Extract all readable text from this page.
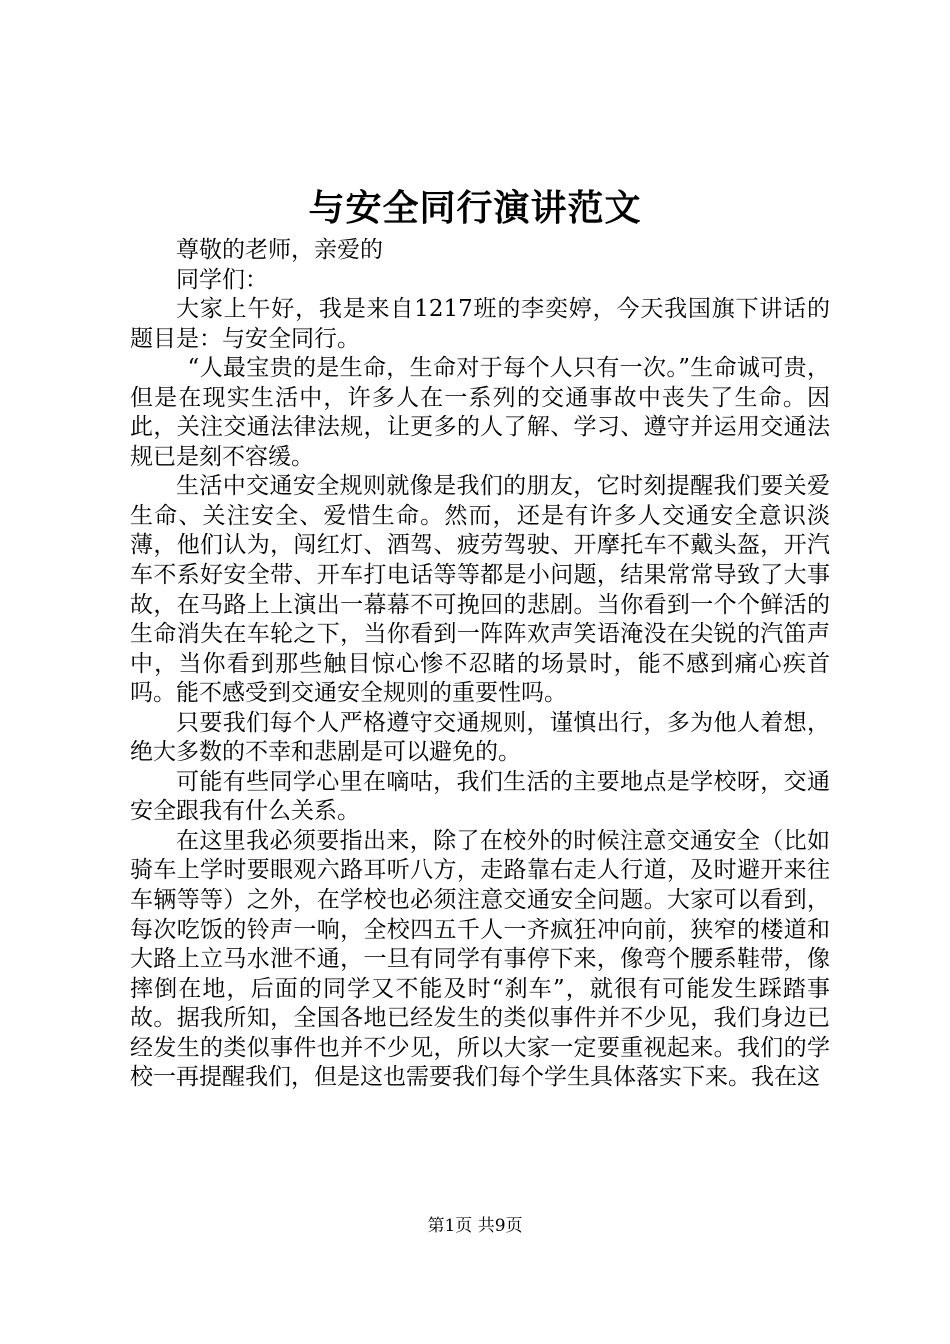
与安全同行演讲范文

尊敬的老师，亲爱的

同学们：

大家上午好，我是来自1217班的李奕婷，今天我国旗下讲话的题目是：与安全同行。

“人最宝贵的是生命，生命对于每个人只有一次。”生命诚可贵，但是在现实生活中，许多人在一系列的交通事故中丧失了生命。因此，关注交通法律法规，让更多的人了解、学习、遵守并运用交通法规已是刻不容缓。

生活中交通安全规则就像是我们的朋友，它时刻提醒我们要关爱生命、关注安全、爱惜生命。然而，还是有许多人交通安全意识淡薄，他们认为，闯红灯、酒驾、疲劳驾驶、开摩托车不戴头盔，开汽车不系好安全带、开车打电话等等都是小问题，结果常常导致了大事故，在马路上上演出一幕幕不可挽回的悲剧。当你看到一个个鲜活的生命消失在车轮之下，当你看到一阵阵欢声笑语淹没在尖锐的汽笛声中，当你看到那些触目惊心惨不忍睹的场景时，能不感到痛心疾首吗。能不感受到交通安全规则的重要性吗。

只要我们每个人严格遵守交通规则，谨慎出行，多为他人着想，绝大多数的不幸和悲剧是可以避免的。

可能有些同学心里在嘀咕，我们生活的主要地点是学校呀，交通安全跟我有什么关系。

在这里我必须要指出来，除了在校外的时候注意交通安全（比如骑车上学时要眼观六路耳听八方，走路靠右走人行道，及时避开来往车辆等等）之外，在学校也必须注意交通安全问题。大家可以看到，每次吃饭的铃声一响，全校四五千人一齐疯狂冲向前，狭窄的楼道和大路上立马水泄不通，一旦有同学有事停下来，像弯个腰系鞋带，像摔倒在地，后面的同学又不能及时“刹车”，就很有可能发生踩踏事故。据我所知，全国各地已经发生的类似事件并不少见，我们身边已经发生的类似事件也并不少见，所以大家一定要重视起来。我们的学校一再提醒我们，但是这也需要我们每个学生具体落实下来。我在这

第1页 共9页
